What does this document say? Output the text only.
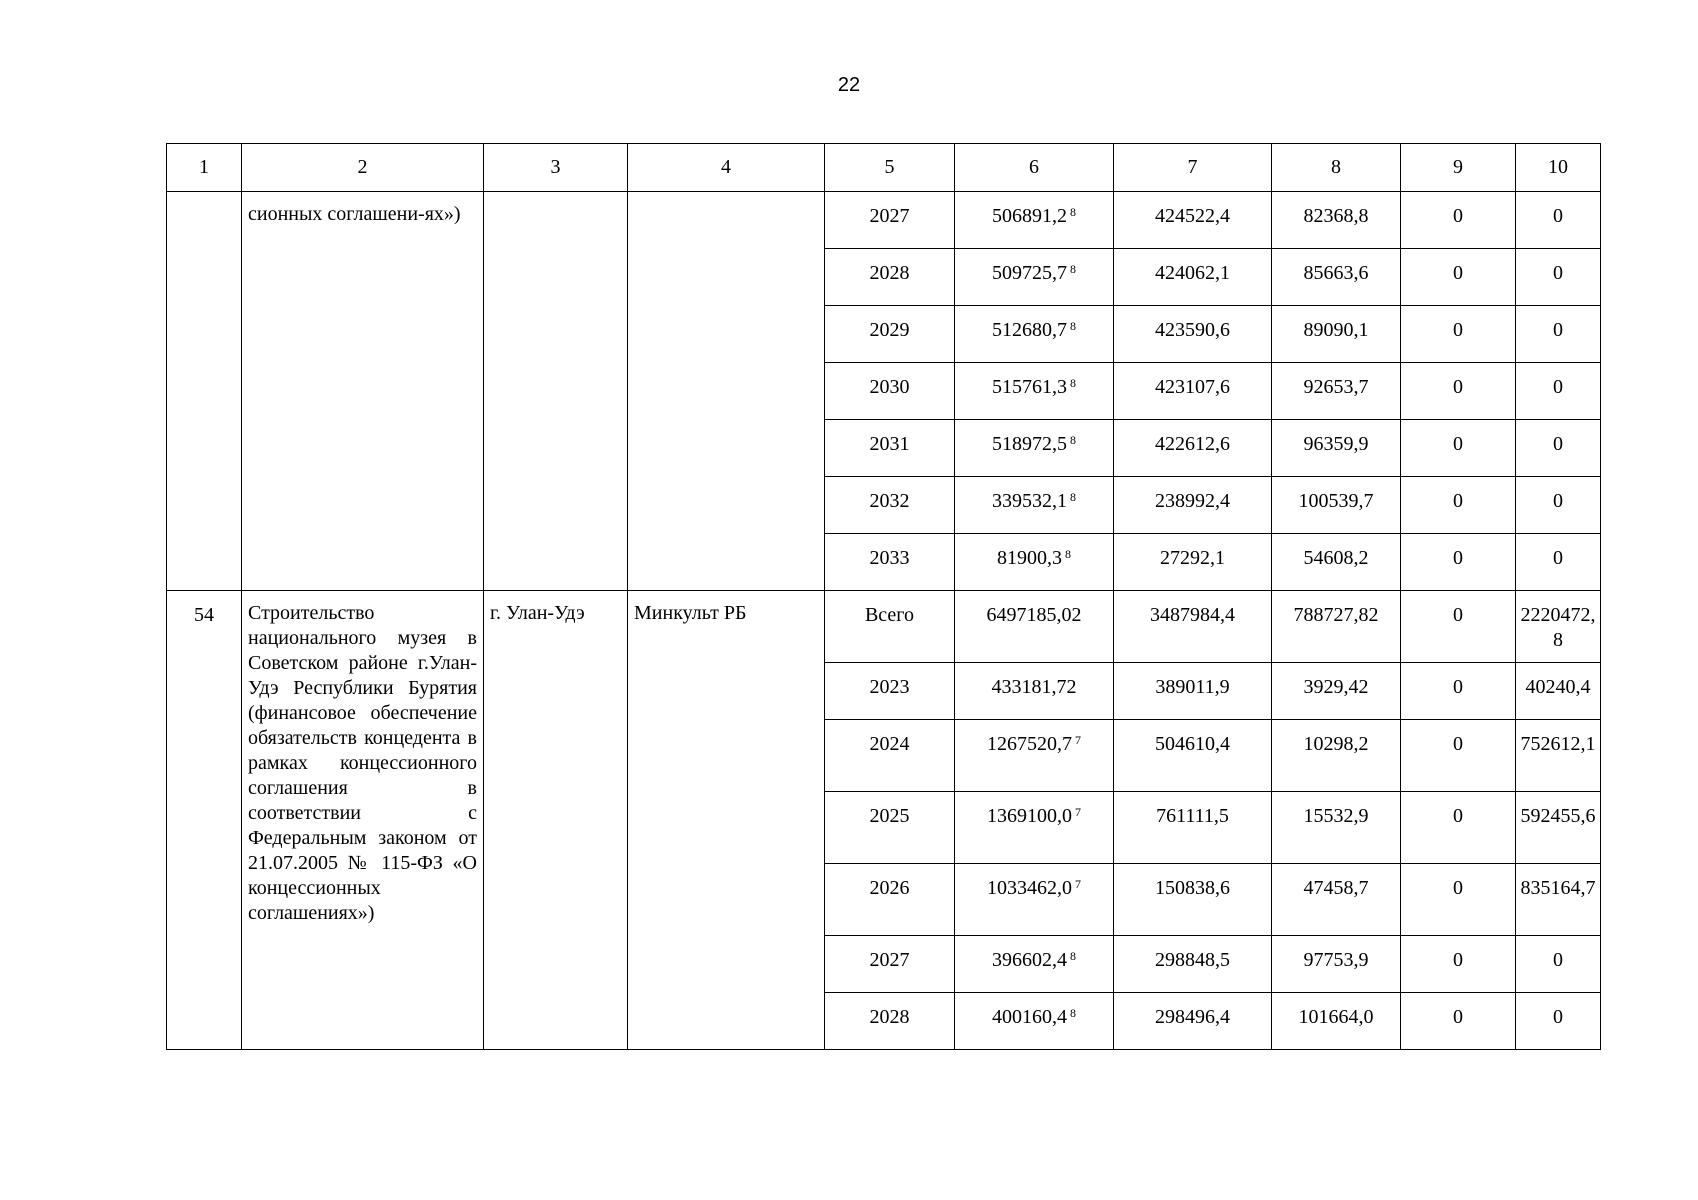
22
1	2	3	4	5	6	7	8	9	10
	сионных соглашени-ях»)			2027	506891,2 $^8$	424522,4	82368,8	0	0
				2028	509725,7 $^8$	424062,1	85663,6	0	0
				2029	512680,7 $^8$	423590,6	89090,1	0	0
				2030	515761,3 $^8$	423107,6	92653,7	0	0
				2031	518972,5 $^8$	422612,6	96359,9	0	0
				2032	339532,1 $^8$	238992,4	100539,7	0	0
				2033	81900,3 $^8$	27292,1	54608,2	0	0
54	Строительство национального музея в Советском районе г.Улан-Удэ Республики Бурятия (финансовое обеспечение обязательств концедента в рамках концессионного соглашения в соответствии с Федеральным законом от 21.07.2005 № 115-ФЗ «О концессионных соглашениях»)	г. Улан-Удэ	Минкульт РБ	Всего	6497185,02	3487984,4	788727,82	0	2220472,8
				2023	433181,72	389011,9	3929,42	0	40240,4
				2024	1267520,7 $^7$	504610,4	10298,2	0	752612,1
				2025	1369100,0 $^7$	761111,5	15532,9	0	592455,6
				2026	1033462,0 $^7$	150838,6	47458,7	0	835164,7
				2027	396602,4 $^8$	298848,5	97753,9	0	0
				2028	400160,4 $^8$	298496,4	101664,0	0	0
